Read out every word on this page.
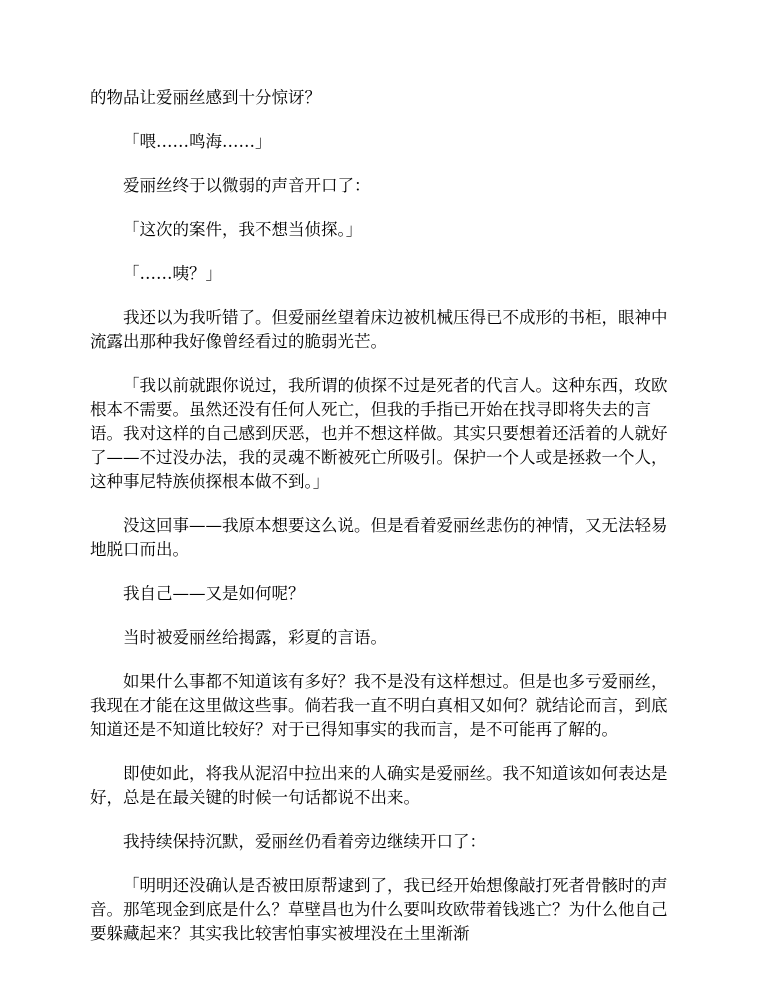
的物品让爱丽丝感到十分惊讶？

「喂……鸣海……」

爱丽丝终于以微弱的声音开口了：

「这次的案件，我不想当侦探。」

「……咦？」

我还以为我听错了。但爱丽丝望着床边被机械压得已不成形的书柜，眼神中流露出那种我好像曾经看过的脆弱光芒。

「我以前就跟你说过，我所谓的侦探不过是死者的代言人。这种东西，玫欧根本不需要。虽然还没有任何人死亡，但我的手指已开始在找寻即将失去的言语。我对这样的自己感到厌恶，也并不想这样做。其实只要想着还活着的人就好了——不过没办法，我的灵魂不断被死亡所吸引。保护一个人或是拯救一个人，这种事尼特族侦探根本做不到。」

没这回事——我原本想要这么说。但是看着爱丽丝悲伤的神情，又无法轻易地脱口而出。

我自己——又是如何呢？

当时被爱丽丝给揭露，彩夏的言语。

如果什么事都不知道该有多好？我不是没有这样想过。但是也多亏爱丽丝，我现在才能在这里做这些事。倘若我一直不明白真相又如何？就结论而言，到底知道还是不知道比较好？对于已得知事实的我而言，是不可能再了解的。

即使如此，将我从泥沼中拉出来的人确实是爱丽丝。我不知道该如何表达是好，总是在最关键的时候一句话都说不出来。

我持续保持沉默，爱丽丝仍看着旁边继续开口了：

「明明还没确认是否被田原帮逮到了，我已经开始想像敲打死者骨骸时的声音。那笔现金到底是什么？草壁昌也为什么要叫玫欧带着钱逃亡？为什么他自己要躲藏起来？其实我比较害怕事实被埋没在土里渐渐
